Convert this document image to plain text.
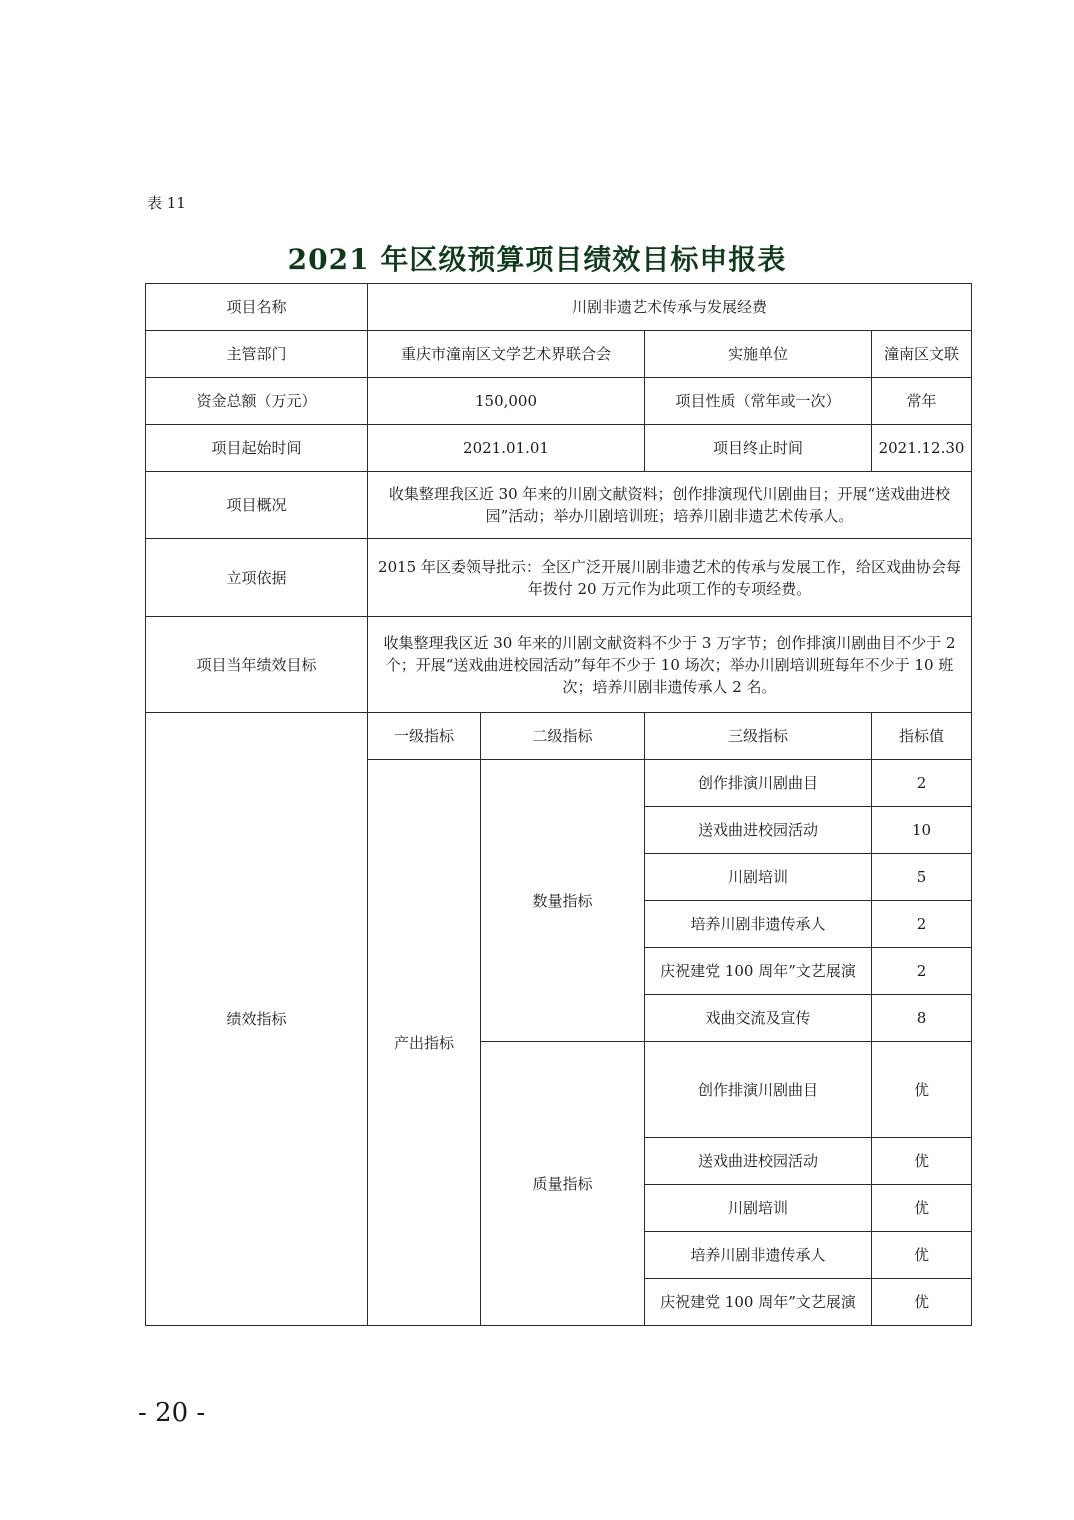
表 11
2021 年区级预算项目绩效目标申报表
项目名称	川剧非遗艺术传承与发展经费			
主管部门	重庆市潼南区文学艺术界联合会		实施单位	潼南区文联
资金总额（万元）	150,000		项目性质（常年或一次）	常年
项目起始时间	2021.01.01		项目终止时间	2021.12.30
项目概况	收集整理我区近 30 年来的川剧文献资料；创作排演现代川剧曲目；开展“送戏曲进校园”活动；举办川剧培训班；培养川剧非遗艺术传承人。			
立项依据	2015 年区委领导批示：全区广泛开展川剧非遗艺术的传承与发展工作，给区戏曲协会每年拨付 20 万元作为此项工作的专项经费。			
项目当年绩效目标	收集整理我区近 30 年来的川剧文献资料不少于 3 万字节；创作排演川剧曲目不少于 2 个；开展“送戏曲进校园活动”每年不少于 10 场次；举办川剧培训班每年不少于 10 班次；培养川剧非遗传承人 2 名。			
绩效指标	一级指标	二级指标	三级指标	指标值
	产出指标	数量指标	创作排演川剧曲目	2
			送戏曲进校园活动	10
			川剧培训	5
			培养川剧非遗传承人	2
			庆祝建党 100 周年”文艺展演	2
			戏曲交流及宣传	8
		质量指标	创作排演川剧曲目	优
			送戏曲进校园活动	优
			川剧培训	优
			培养川剧非遗传承人	优
			庆祝建党 100 周年”文艺展演	优
- 20 -
